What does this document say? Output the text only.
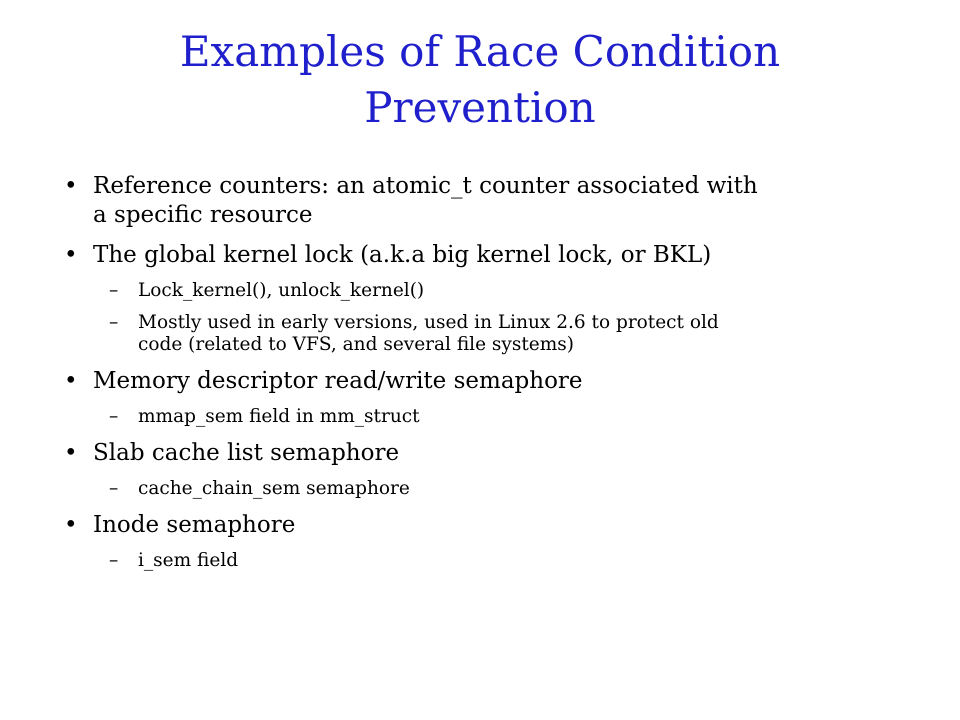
Examples of Race Condition
Prevention
• Reference counters: an atomic_t counter associated with
a specific resource
• The global kernel lock (a.k.a big kernel lock, or BKL)
– Lock_kernel(), unlock_kernel()
– Mostly used in early versions, used in Linux 2.6 to protect old
code (related to VFS, and several file systems)
• Memory descriptor read/write semaphore
– mmap_sem field in mm_struct
• Slab cache list semaphore
– cache_chain_sem semaphore
• Inode semaphore
– i_sem field
